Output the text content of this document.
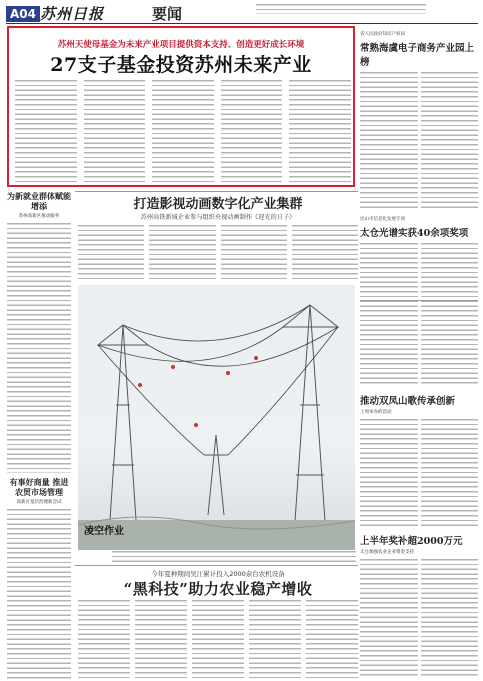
A04 苏州日报	要闻
苏州天使母基金为未来产业项目提供资本支持、创造更好成长环境
27支子基金投资苏州未来产业
省人民政府知识产权局
常熟海虞电子商务产业园上榜
昆山市信息化发展专项
太仓光谱实获40余项奖项
推动双凤山歌传承创新
上周举办的活动
上半年奖补超2000万元
太仓加强农业企业资金支持
为新就业群体赋能增添
苏州高新区推动服务
有事好商量 推进农贸市场管理
高新区基层治理新尝试
打造影视动画数字化产业集群
苏州高铁新城企业参与组织央视动画制作《迎光的日子》
凌空作业
今年夏种期间吴江累计投入2000余台农机设备
“黑科技”助力农业稳产增收
